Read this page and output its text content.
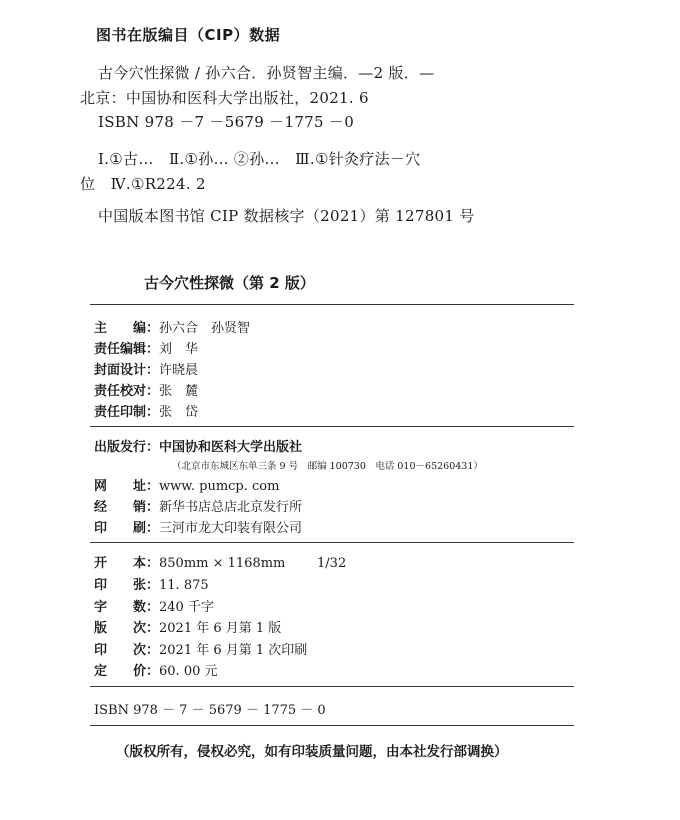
图书在版编目（CIP）数据
古今穴性探微 / 孙六合．孙贤智主编．—2 版．—
北京：中国协和医科大学出版社，2021. 6
ISBN 978 －7 －5679 －1775 －0
Ⅰ.①古…　Ⅱ.①孙… ②孙…　Ⅲ.①针灸疗法－穴
位　Ⅳ.①R224. 2
中国版本图书馆 CIP 数据核字（2021）第 127801 号
古今穴性探微（第 2 版）
主　　编：孙六合　孙贤智
责任编辑：刘　华
封面设计：许晓晨
责任校对：张　麓
责任印制：张　岱
出版发行：中国协和医科大学出版社
（北京市东城区东单三条 9 号　邮编 100730　电话 010－65260431）
网　　址：www. pumcp. com
经　　销：新华书店总店北京发行所
印　　刷：三河市龙大印装有限公司
开　　本：850mm × 1168mm 1/32
印　　张：11. 875
字　　数：240 千字
版　　次：2021 年 6 月第 1 版
印　　次：2021 年 6 月第 1 次印刷
定　　价：60. 00 元
ISBN 978 － 7 － 5679 － 1775 － 0
（版权所有，侵权必究，如有印装质量问题，由本社发行部调换）
